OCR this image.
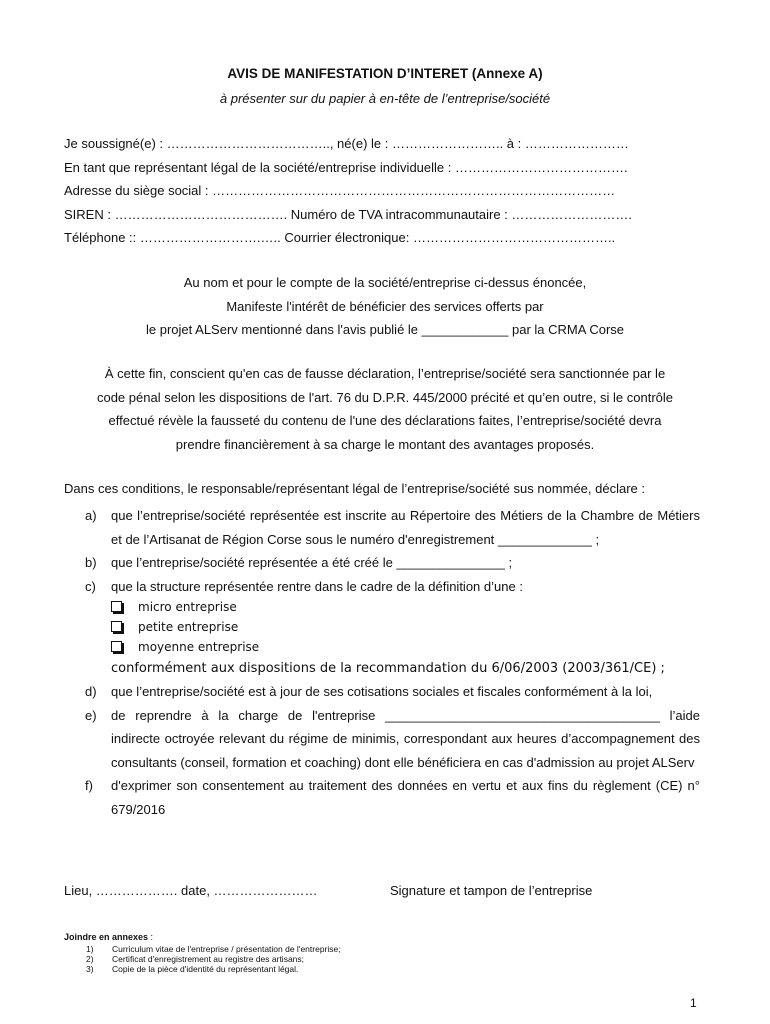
AVIS DE MANIFESTATION D’INTERET (Annexe A)
à présenter sur du papier à en-tête de l’entreprise/société
Je soussigné(e) : ……………………………….., né(e) le : …………………….. à : ……………………
En tant que représentant légal de la société/entreprise individuelle : ………………………………….
Adresse du siège social : …………………………………………………………………………………
SIREN : …………………………………. Numéro de TVA intracommunautaire : ……………………….
Téléphone :: ……………………….….. Courrier électronique: ………………………………………..
Au nom et pour le compte de la société/entreprise ci-dessus énoncée,
Manifeste l'intérêt de bénéficier des services offerts par
le projet ALServ mentionné dans l'avis publié le ____________ par la CRMA Corse
À cette fin, conscient qu'en cas de fausse déclaration, l’entreprise/société sera sanctionnée par le
code pénal selon les dispositions de l'art. 76 du D.P.R. 445/2000 précité et qu’en outre, si le contrôle
effectué révèle la fausseté du contenu de l'une des déclarations faites, l’entreprise/société devra
prendre financièrement à sa charge le montant des avantages proposés.
Dans ces conditions, le responsable/représentant légal de l’entreprise/société sus nommée, déclare :
a) que l’entreprise/société représentée est inscrite au Répertoire des Métiers de la Chambre de Métiers et de l’Artisanat de Région Corse sous le numéro d'enregistrement _____________ ;
b) que l’entreprise/société représentée a été créé le _______________ ;
c) que la structure représentée rentre dans le cadre de la définition d’une :
micro entreprise
petite entreprise
moyenne entreprise
conformément aux dispositions de la recommandation du 6/06/2003 (2003/361/CE) ;
d) que l’entreprise/société est à jour de ses cotisations sociales et fiscales conformément à la loi,
e) de reprendre à la charge de l'entreprise ______________________________________ l’aide indirecte octroyée relevant du régime de minimis, correspondant aux heures d’accompagnement des consultants (conseil, formation et coaching) dont elle bénéficiera en cas d'admission au projet ALServ
f) d'exprimer son consentement au traitement des données en vertu et aux fins du règlement (CE) n° 679/2016
Lieu, ………………. date, ……………………	Signature et tampon de l’entreprise
Joindre en annexes :
1) Curriculum vitae de l'entreprise / présentation de l'entreprise;
2) Certificat d'enregistrement au registre des artisans;
3) Copie de la pièce d'identité du représentant légal.
1
